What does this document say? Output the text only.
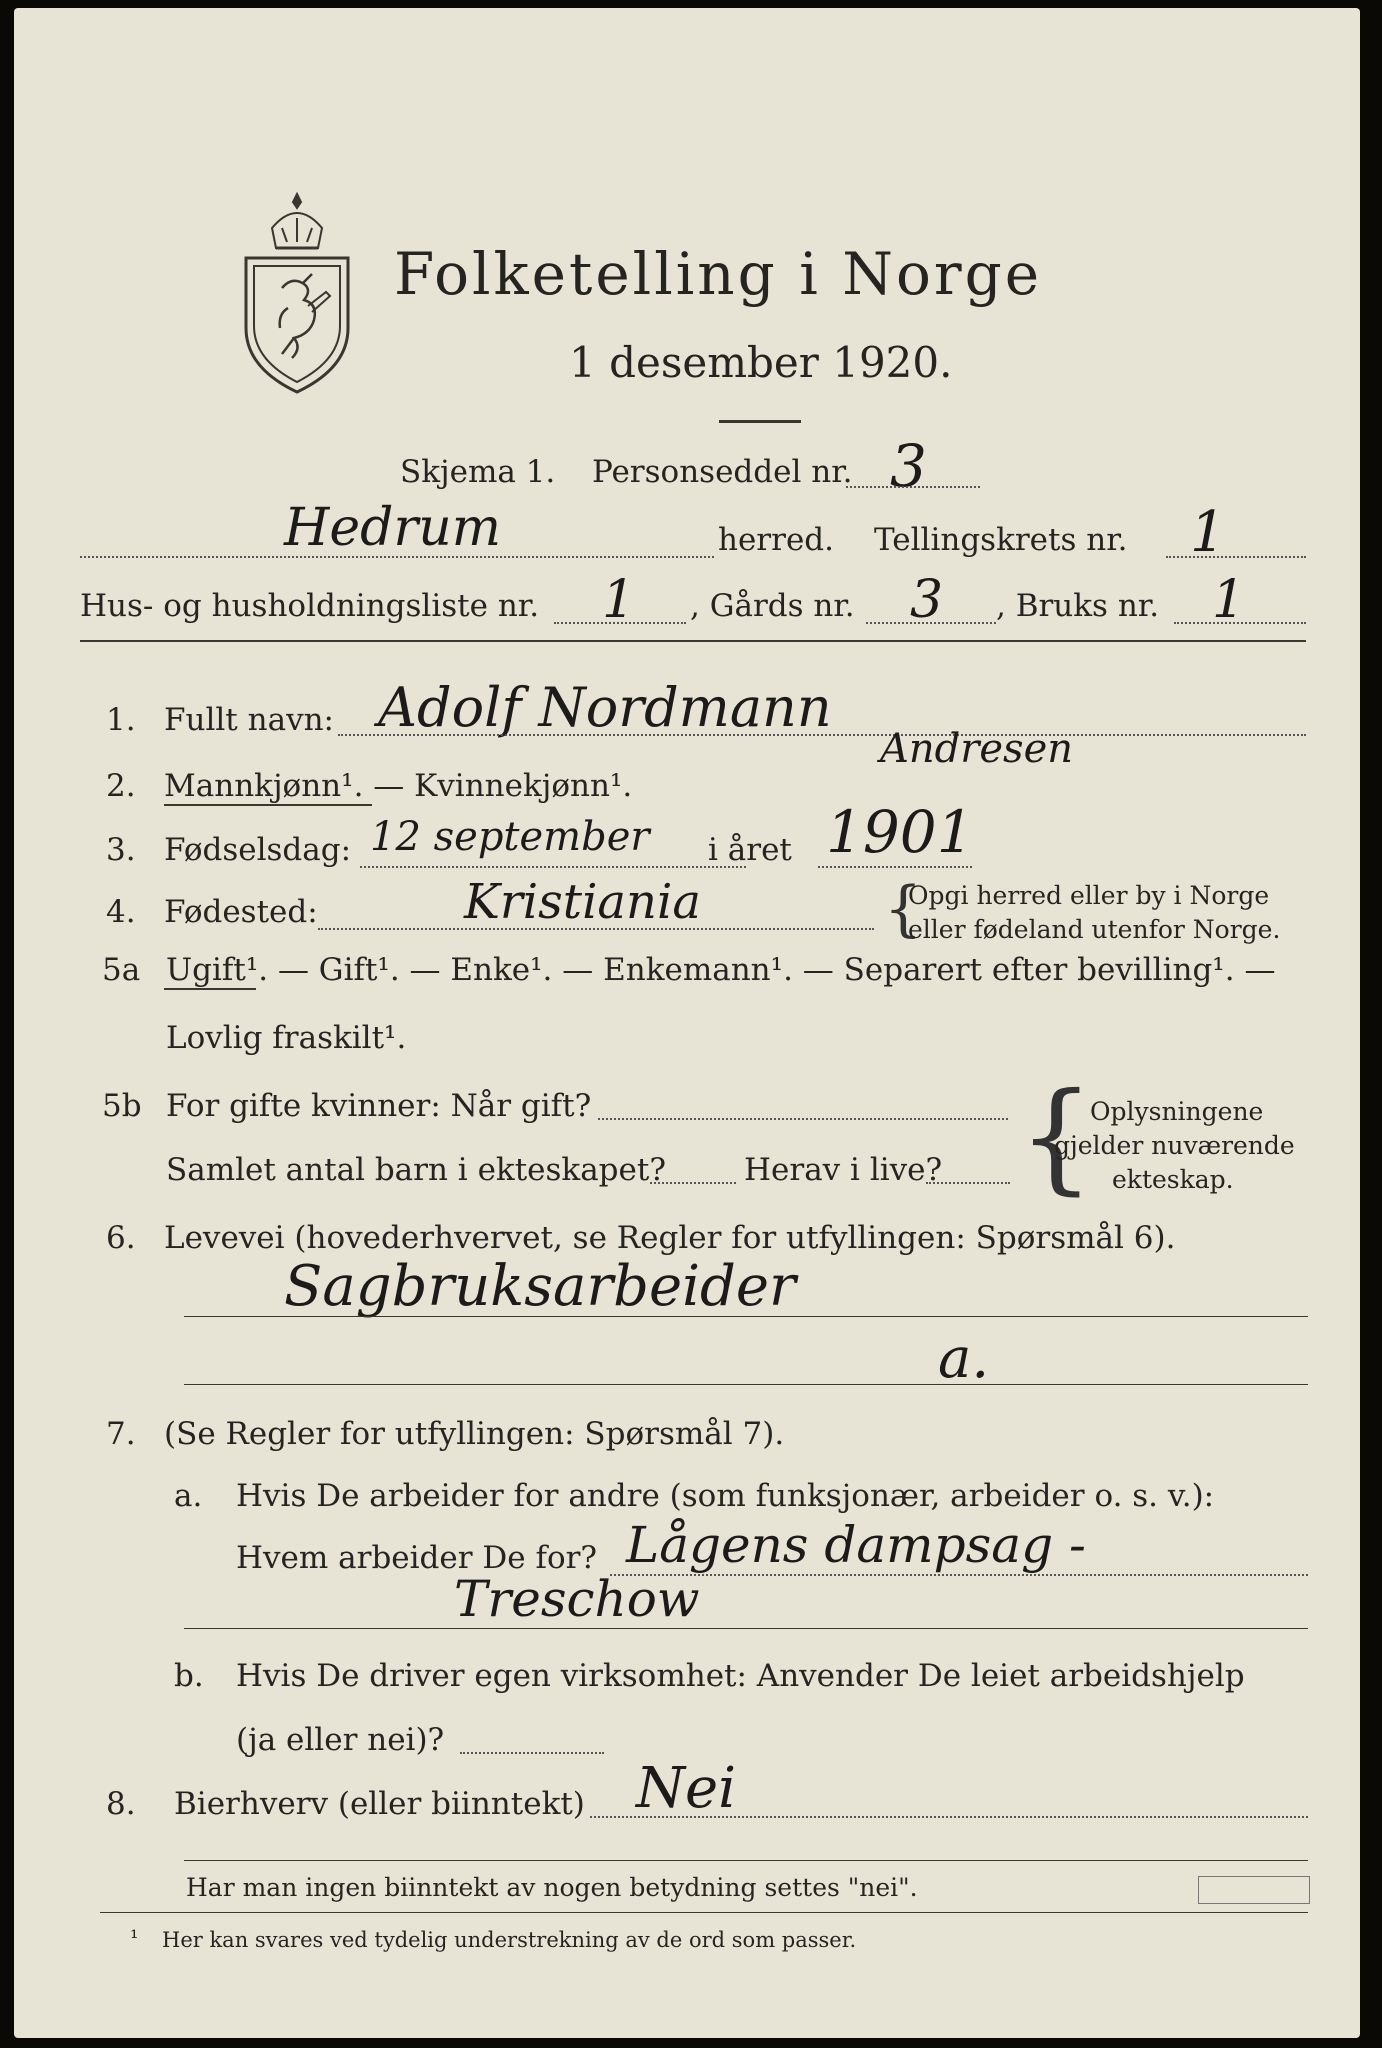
Folketelling i Norge
1 desember 1920.
Skjema 1. Personseddel nr. 3
Hedrum	herred. Tellingskrets nr. 1
Hus- og husholdningsliste nr. 1 , Gårds nr. 3 , Bruks nr. 1
1. Fullt navn: Adolf Nordmann
Andresen
2. Mannkjønn¹. — Kvinnekjønn¹.
3. Fødselsdag: 12 september i året 1901
4. Fødested:	Kristiania	{
Opgi herred eller by i Norge
eller fødeland utenfor Norge.
5a Ugift¹. — Gift¹. — Enke¹. — Enkemann¹. — Separert efter bevilling¹. —
Lovlig fraskilt¹.
5b For gifte kvinner: Når gift?
Samlet antal barn i ekteskapet?	Herav i live? {
Oplysningene
gjelder nuværende
ekteskap.
6. Levevei (hovederhvervet, se Regler for utfyllingen: Spørsmål 6).
Sagbruksarbeider
a.
7. (Se Regler for utfyllingen: Spørsmål 7).
a. Hvis De arbeider for andre (som funksjonær, arbeider o. s. v.):
Hvem arbeider De for? Lågens dampsag -
Treschow
b. Hvis De driver egen virksomhet: Anvender De leiet arbeidshjelp
(ja eller nei)?
8. Bierhverv (eller biinntekt) Nei
Har man ingen biinntekt av nogen betydning settes "nei".
¹ Her kan svares ved tydelig understrekning av de ord som passer.
